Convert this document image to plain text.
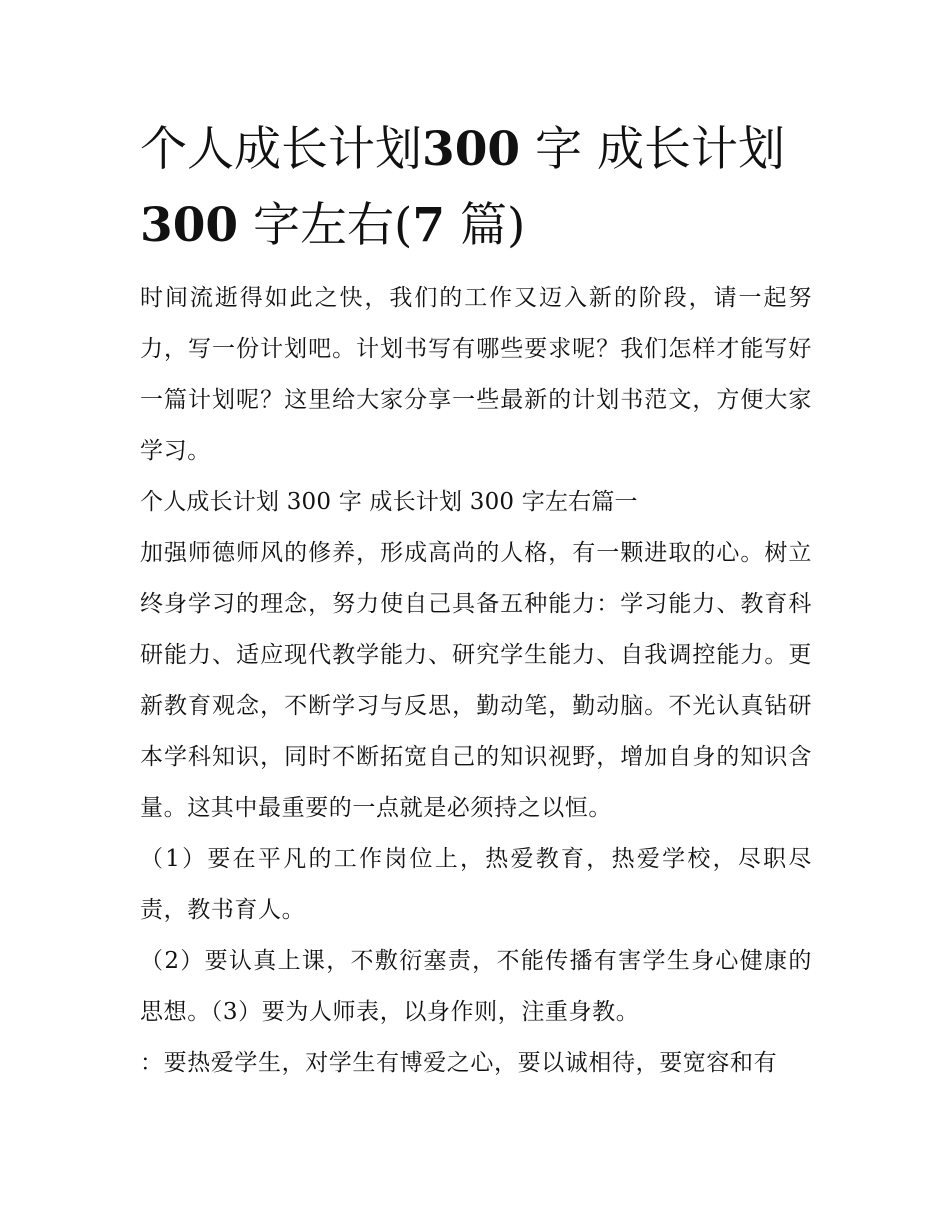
个人成长计划300 字 成长计划
300 字左右(7 篇)

时间流逝得如此之快，我们的工作又迈入新的阶段，请一起努力，写一份计划吧。计划书写有哪些要求呢？我们怎样才能写好一篇计划呢？这里给大家分享一些最新的计划书范文，方便大家学习。

个人成长计划 300 字 成长计划 300 字左右篇一

加强师德师风的修养，形成高尚的人格，有一颗进取的心。树立终身学习的理念，努力使自己具备五种能力：学习能力、教育科研能力、适应现代教学能力、研究学生能力、自我调控能力。更新教育观念，不断学习与反思，勤动笔，勤动脑。不光认真钻研本学科知识，同时不断拓宽自己的知识视野，增加自身的知识含量。这其中最重要的一点就是必须持之以恒。

（1）要在平凡的工作岗位上，热爱教育，热爱学校，尽职尽责，教书育人。

（2）要认真上课，不敷衍塞责，不能传播有害学生身心健康的思想。（3）要为人师表，以身作则，注重身教。

：要热爱学生，对学生有博爱之心，要以诚相待，要宽容和有
